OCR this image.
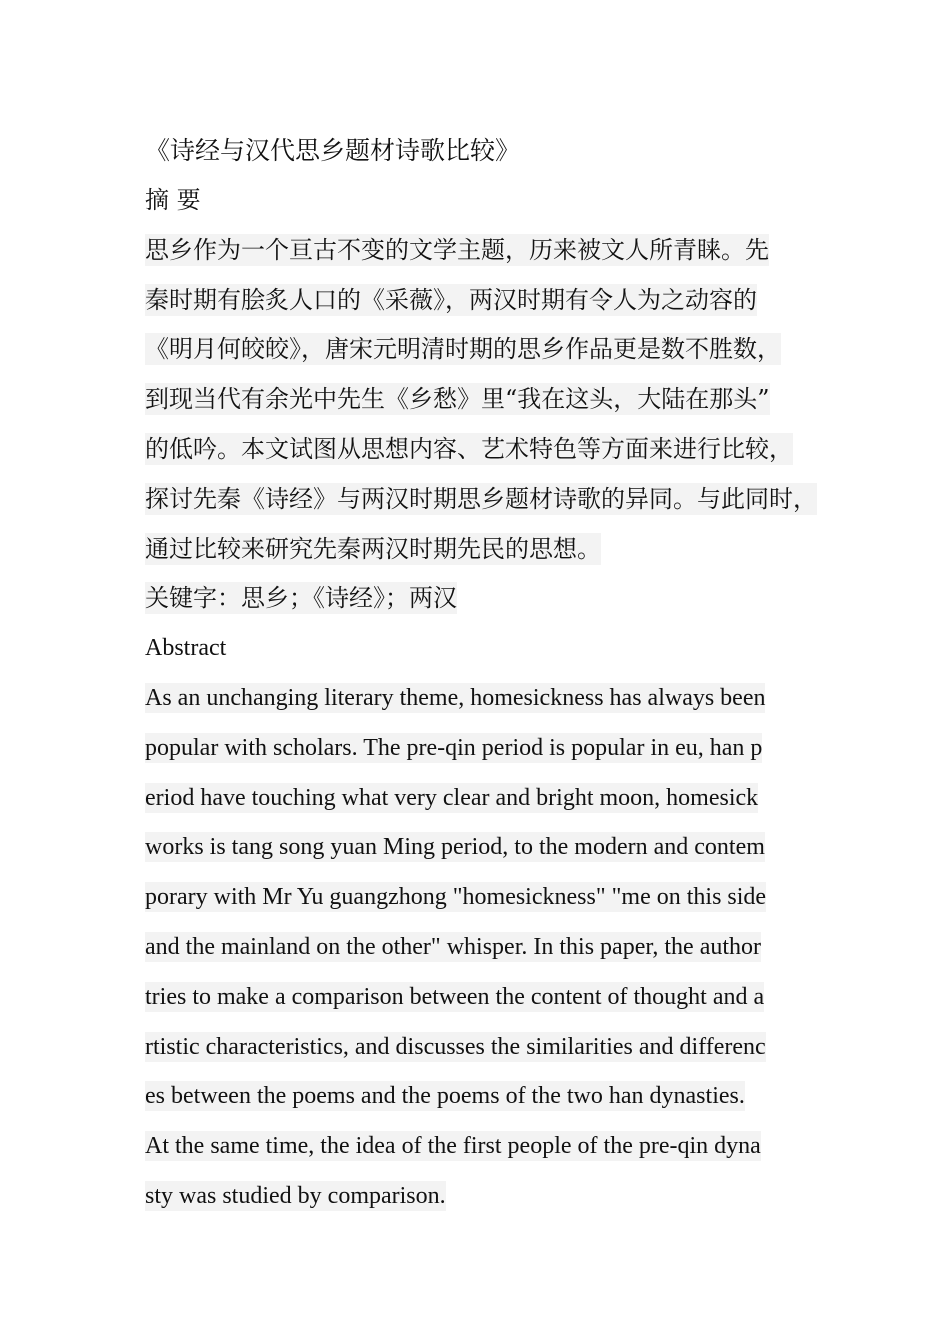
《诗经与汉代思乡题材诗歌比较》
摘 要
思乡作为一个亘古不变的文学主题，历来被文人所青睐。先
秦时期有脍炙人口的《采薇》，两汉时期有令人为之动容的
《明月何皎皎》，唐宋元明清时期的思乡作品更是数不胜数，
到现当代有余光中先生《乡愁》里“我在这头，大陆在那头”
的低吟。本文试图从思想内容、艺术特色等方面来进行比较，
探讨先秦《诗经》与两汉时期思乡题材诗歌的异同。与此同时，
通过比较来研究先秦两汉时期先民的思想。
关键字：思乡；《诗经》；两汉
Abstract
As an unchanging literary theme, homesickness has always been
popular with scholars. The pre-qin period is popular in eu, han p
eriod have touching what very clear and bright moon, homesick
works is tang song yuan Ming period, to the modern and contem
porary with Mr Yu guangzhong "homesickness" "me on this side
and the mainland on the other" whisper. In this paper, the author
tries to make a comparison between the content of thought and a
rtistic characteristics, and discusses the similarities and differenc
es between the poems and the poems of the two han dynasties.
At the same time, the idea of the first people of the pre-qin dyna
sty was studied by comparison.
